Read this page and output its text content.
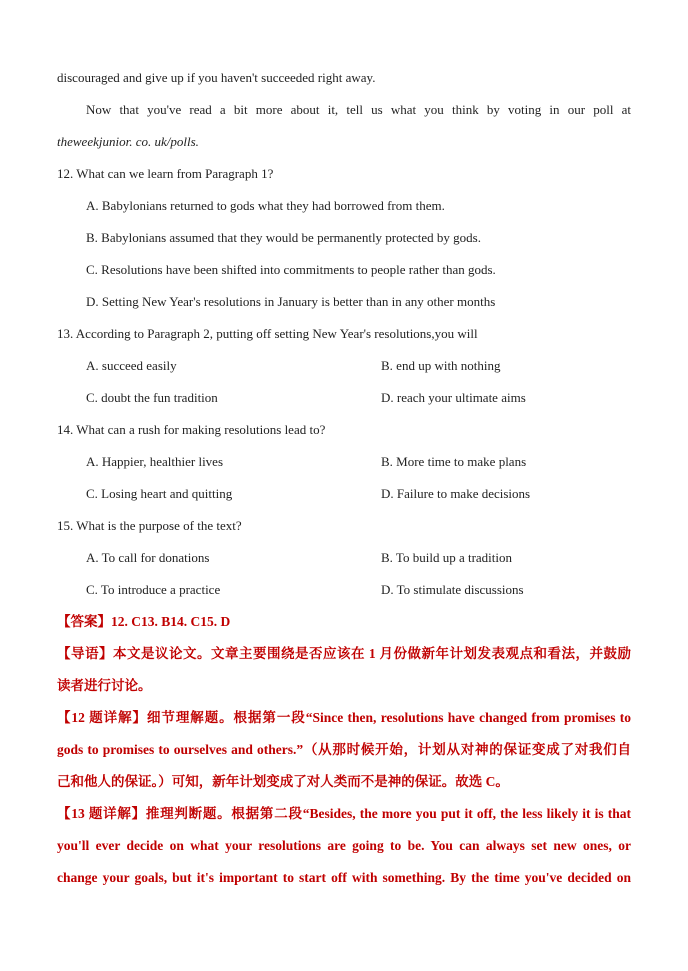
discouraged and give up if you haven't succeeded right away.
Now that you've read a bit more about it, tell us what you think by voting in our poll at
theweekjunior. co. uk/polls.
12. What can we learn from Paragraph 1?
A. Babylonians returned to gods what they had borrowed from them.
B. Babylonians assumed that they would be permanently protected by gods.
C. Resolutions have been shifted into commitments to people rather than gods.
D. Setting New Year's resolutions in January is better than in any other months
13. According to Paragraph 2, putting off setting New Year's resolutions,you will
A. succeed easily	B. end up with nothing
C. doubt the fun tradition	D. reach your ultimate aims
14. What can a rush for making resolutions lead to?
A. Happier, healthier lives	B. More time to make plans
C. Losing heart and quitting	D. Failure to make decisions
15. What is the purpose of the text?
A. To call for donations	B. To build up a tradition
C. To introduce a practice	D. To stimulate discussions
【答案】12. C13. B14. C15. D
【导语】本文是议论文。文章主要围绕是否应该在 1 月份做新年计划发表观点和看法，并鼓励
读者进行讨论。
【12 题详解】细节理解题。根据第一段“Since then, resolutions have changed from promises to
gods to promises to ourselves and others.”（从那时候开始，计划从对神的保证变成了对我们自
己和他人的保证。）可知，新年计划变成了对人类而不是神的保证。故选 C。
【13 题详解】推理判断题。根据第二段“Besides, the more you put it off, the less likely it is that
you'll ever decide on what your resolutions are going to be. You can always set new ones, or
change your goals, but it's important to start off with something. By the time you've decided on
